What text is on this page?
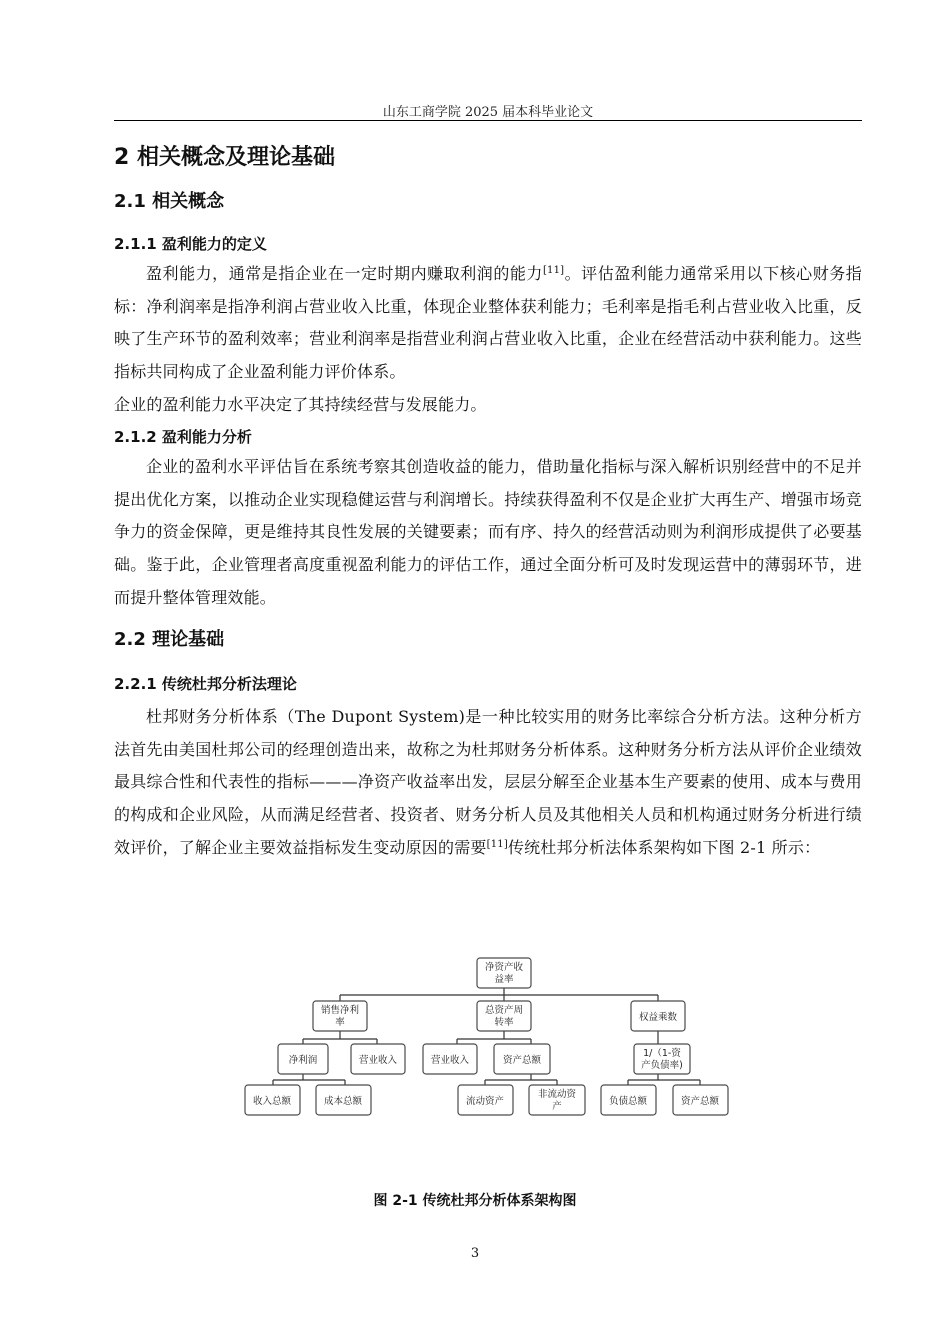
山东工商学院 2025 届本科毕业论文
2 相关概念及理论基础
2.1 相关概念
2.1.1 盈利能力的定义

盈利能力，通常是指企业在一定时期内赚取利润的能力[11]。评估盈利能力通常采用以下核心财务指标：净利润率是指净利润占营业收入比重，体现企业整体获利能力；毛利率是指毛利占营业收入比重，反映了生产环节的盈利效率；营业利润率是指营业利润占营业收入比重，企业在经营活动中获利能力。这些指标共同构成了企业盈利能力评价体系。

企业的盈利能力水平决定了其持续经营与发展能力。

2.1.2 盈利能力分析

企业的盈利水平评估旨在系统考察其创造收益的能力，借助量化指标与深入解析识别经营中的不足并提出优化方案，以推动企业实现稳健运营与利润增长。持续获得盈利不仅是企业扩大再生产、增强市场竞争力的资金保障，更是维持其良性发展的关键要素；而有序、持久的经营活动则为利润形成提供了必要基础。鉴于此，企业管理者高度重视盈利能力的评估工作，通过全面分析可及时发现运营中的薄弱环节，进而提升整体管理效能。

2.2 理论基础
2.2.1 传统杜邦分析法理论

杜邦财务分析体系（The Dupont System)是一种比较实用的财务比率综合分析方法。这种分析方法首先由美国杜邦公司的经理创造出来，故称之为杜邦财务分析体系。这种财务分析方法从评价企业绩效最具综合性和代表性的指标———净资产收益率出发，层层分解至企业基本生产要素的使用、成本与费用的构成和企业风险，从而满足经营者、投资者、财务分析人员及其他相关人员和机构通过财务分析进行绩效评价，了解企业主要效益指标发生变动原因的需要[11]传统杜邦分析法体系架构如下图 2-1 所示：

净资产收
益率
销售净利
率
总资产周
转率	权益乘数
净利润	营业收入	营业收入	资产总额
1/（1-资
产负债率)
收入总额	成本总额	流动资产
非流动资
产	负债总额	资产总额
图 2-1 传统杜邦分析体系架构图
3
